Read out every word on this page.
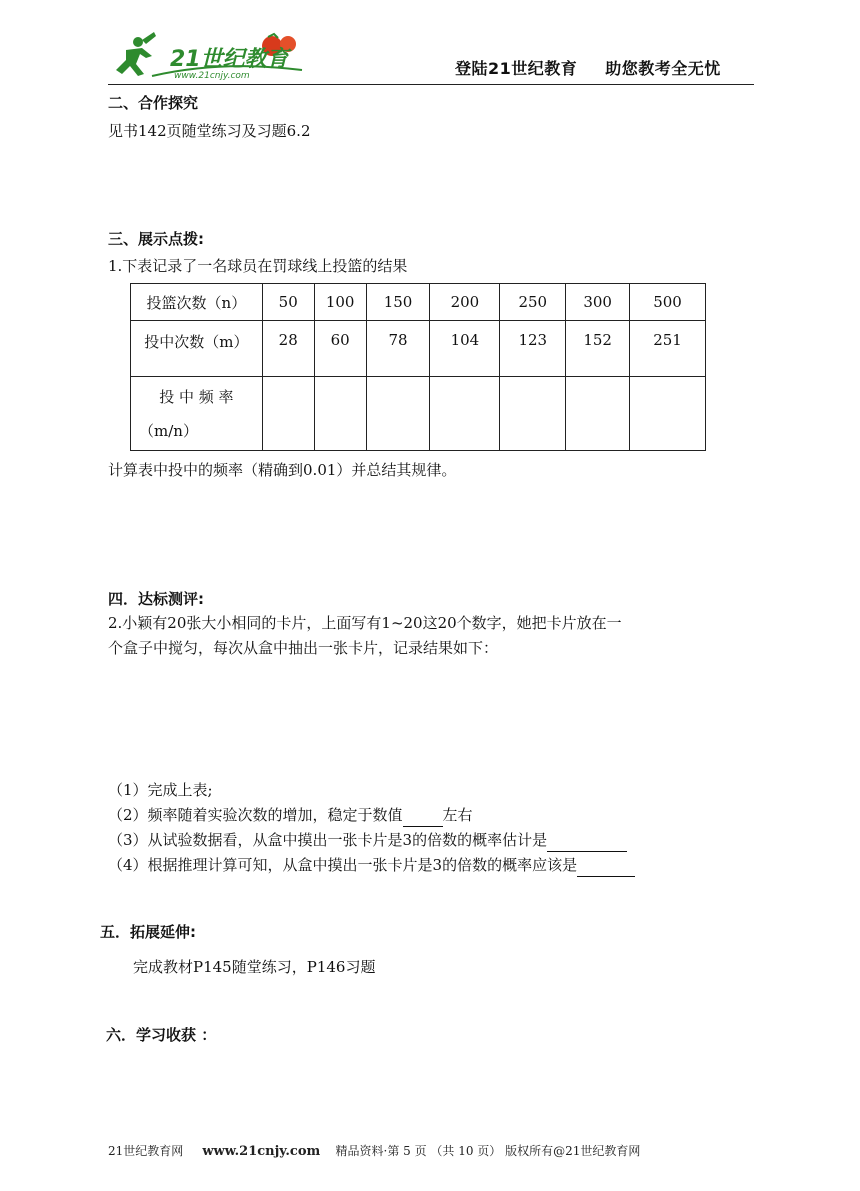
21世纪教育
www.21cnjy.com	登陆21世纪教育 助您教考全无忧
二、合作探究
见书142页随堂练习及习题6.2
三、展示点拨:
1.下表记录了一名球员在罚球线上投篮的结果
投篮次数（n）	50	100	150	200	250	300	500
投中次数（m）	28	60	78	104	123	152	251

投 中 频 率
（m/n）							

计算表中投中的频率（精确到0.01）并总结其规律。
四．达标测评:
2.小颖有20张大小相同的卡片，上面写有1~20这20个数字，她把卡片放在一
个盒子中搅匀，每次从盒中抽出一张卡片，记录结果如下：
（1）完成上表;
（2）频率随着实验次数的增加，稳定于数值	左右
（3）从试验数据看，从盒中摸出一张卡片是3的倍数的概率估计是
（4）根据推理计算可知，从盒中摸出一张卡片是3的倍数的概率应该是
五．拓展延伸:
完成教材P145随堂练习，P146习题
六．学习收获 ：
21世纪教育网 www.21cnjy.com 精品资料·第 5 页 （共 10 页） 版权所有@21世纪教育网
